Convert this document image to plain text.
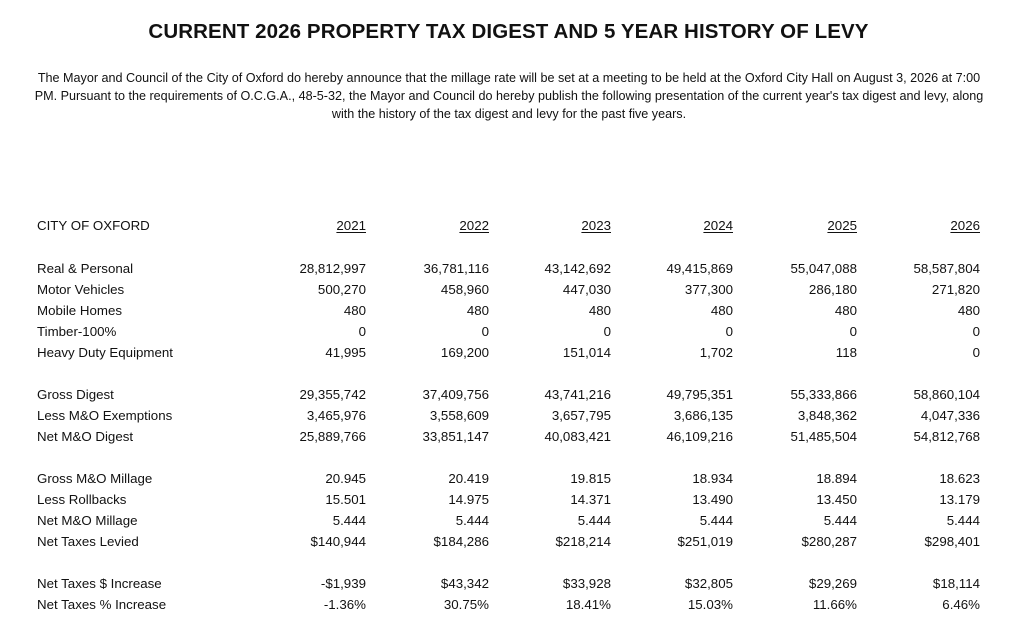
CURRENT 2026 PROPERTY TAX DIGEST AND 5 YEAR HISTORY OF LEVY
The Mayor and Council of the City of Oxford do hereby announce that the millage rate will be set at a meeting to be held at the Oxford City Hall on August 3, 2026 at 7:00 PM. Pursuant to the requirements of O.C.G.A., 48-5-32, the Mayor and Council do hereby publish the following presentation of the current year's tax digest and levy, along with the history of the tax digest and levy for the past five years.
CITY OF OXFORD	2021	2022	2023	2024	2025	2026
Real & Personal	28,812,997	36,781,116	43,142,692	49,415,869	55,047,088	58,587,804
Motor Vehicles	500,270	458,960	447,030	377,300	286,180	271,820
Mobile Homes	480	480	480	480	480	480
Timber-100%	0	0	0	0	0	0
Heavy Duty Equipment	41,995	169,200	151,014	1,702	118	0
Gross Digest	29,355,742	37,409,756	43,741,216	49,795,351	55,333,866	58,860,104
Less M&O Exemptions	3,465,976	3,558,609	3,657,795	3,686,135	3,848,362	4,047,336
Net M&O Digest	25,889,766	33,851,147	40,083,421	46,109,216	51,485,504	54,812,768
Gross M&O Millage	20.945	20.419	19.815	18.934	18.894	18.623
Less Rollbacks	15.501	14.975	14.371	13.490	13.450	13.179
Net M&O Millage	5.444	5.444	5.444	5.444	5.444	5.444
Net Taxes Levied	$140,944	$184,286	$218,214	$251,019	$280,287	$298,401
Net Taxes $ Increase	-$1,939	$43,342	$33,928	$32,805	$29,269	$18,114
Net Taxes % Increase	-1.36%	30.75%	18.41%	15.03%	11.66%	6.46%
